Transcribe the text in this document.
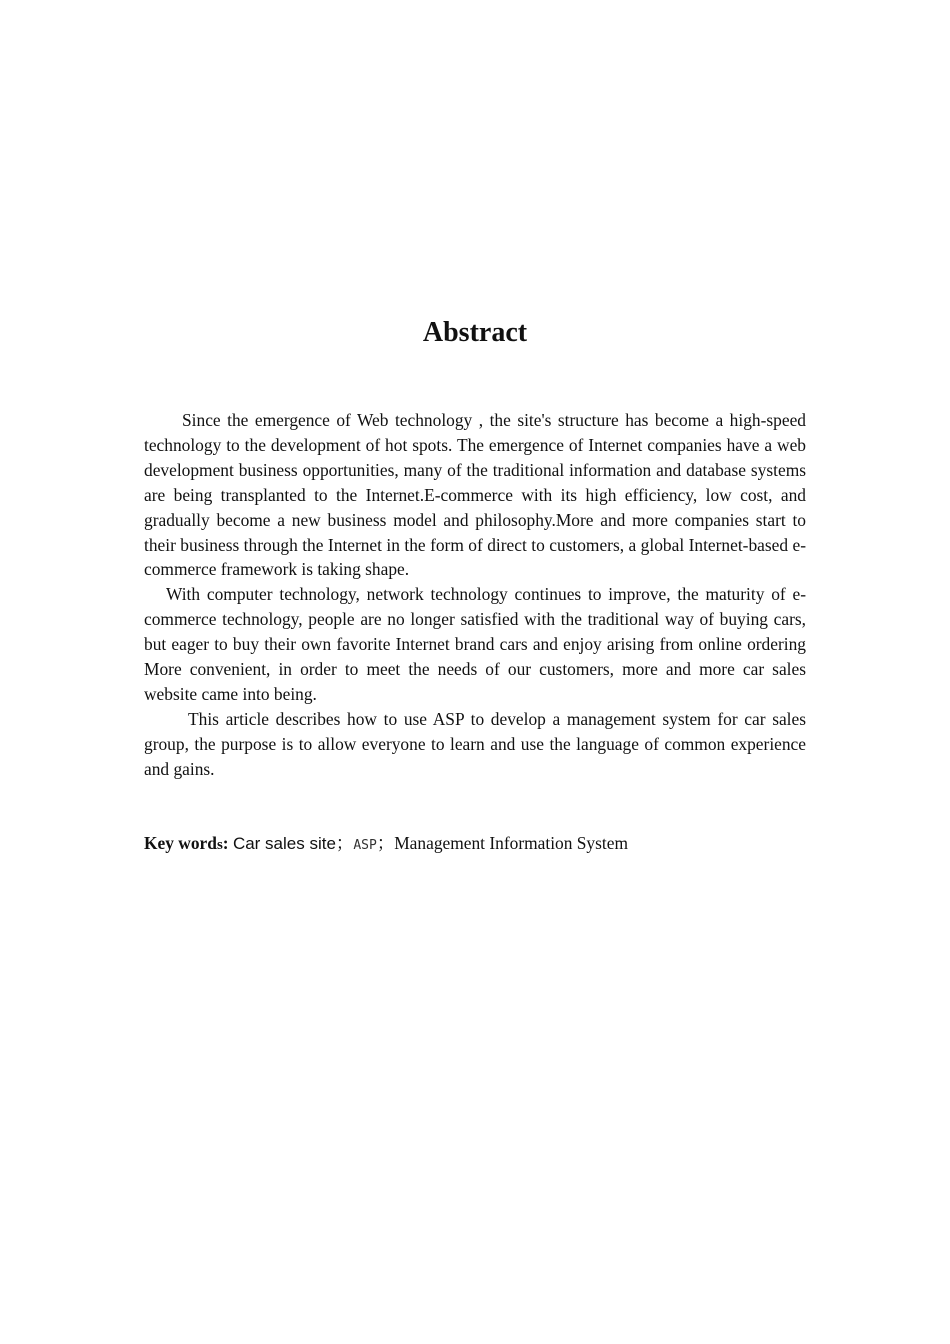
Abstract

Since the emergence of Web technology , the site's structure has become a high-speed technology to the development of hot spots. The emergence of Internet companies have a web development business opportunities, many of the traditional information and database systems are being transplanted to the Internet.E-commerce with its high efficiency, low cost, and gradually become a new business model and philosophy.More and more companies start to their business through the Internet in the form of direct to customers, a global Internet-based e-commerce framework is taking shape.

With computer technology, network technology continues to improve, the maturity of e-commerce technology, people are no longer satisfied with the traditional way of buying cars, but eager to buy their own favorite Internet brand cars and enjoy arising from online ordering More convenient, in order to meet the needs of our customers, more and more car sales website came into being.

This article describes how to use ASP to develop a management system for car sales group, the purpose is to allow everyone to learn and use the language of common experience and gains.

Key words: Car sales site；ASP；Management Information System
